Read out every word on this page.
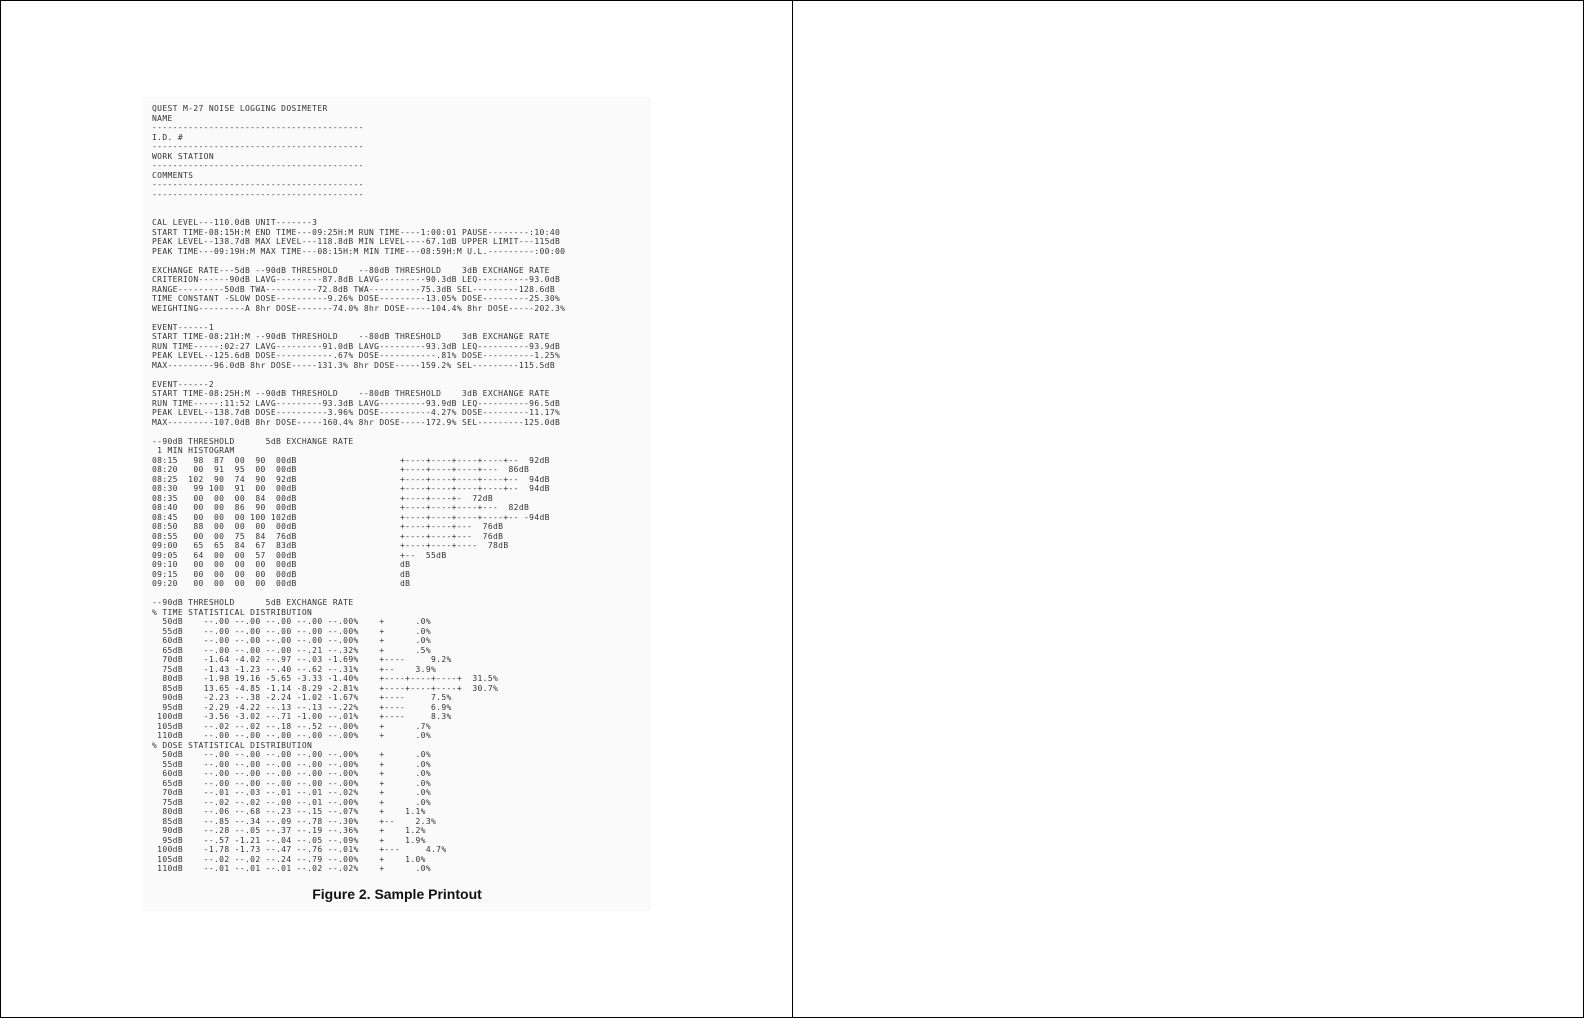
QUEST M-27 NOISE LOGGING DOSIMETER
NAME
-----------------------------------------
I.D. #
-----------------------------------------
WORK STATION
-----------------------------------------
COMMENTS
-----------------------------------------
-----------------------------------------

CAL LEVEL---110.0dB UNIT-------3
START TIME-08:15H:M END TIME---09:25H:M RUN TIME----1:00:01 PAUSE--------:10:40
PEAK LEVEL--138.7dB MAX LEVEL---118.8dB MIN LEVEL----67.1dB UPPER LIMIT---115dB
PEAK TIME---09:19H:M MAX TIME---08:15H:M MIN TIME---08:59H:M U.L.---------:00:00

EXCHANGE RATE---5dB --90dB THRESHOLD    --80dB THRESHOLD    3dB EXCHANGE RATE
CRITERION------90dB LAVG---------87.8dB LAVG---------90.3dB LEQ----------93.0dB
RANGE---------50dB TWA----------72.8dB TWA----------75.3dB SEL---------128.6dB
TIME CONSTANT -SLOW DOSE----------9.26% DOSE---------13.05% DOSE---------25.30%
WEIGHTING---------A 8hr DOSE-------74.0% 8hr DOSE-----104.4% 8hr DOSE-----202.3%

EVENT------1
START TIME-08:21H:M --90dB THRESHOLD    --80dB THRESHOLD    3dB EXCHANGE RATE
RUN TIME-----:02:27 LAVG---------91.0dB LAVG---------93.3dB LEQ----------93.9dB
PEAK LEVEL--125.6dB DOSE-----------.67% DOSE-----------.81% DOSE----------1.25%
MAX---------96.0dB 8hr DOSE-----131.3% 8hr DOSE-----159.2% SEL---------115.5dB

EVENT------2
START TIME-08:25H:M --90dB THRESHOLD    --80dB THRESHOLD    3dB EXCHANGE RATE
RUN TIME-----:11:52 LAVG---------93.3dB LAVG---------93.9dB LEQ----------96.5dB
PEAK LEVEL--138.7dB DOSE----------3.96% DOSE----------4.27% DOSE---------11.17%
MAX---------107.0dB 8hr DOSE-----160.4% 8hr DOSE-----172.9% SEL---------125.0dB

--90dB THRESHOLD      5dB EXCHANGE RATE
1 MIN HISTOGRAM
08:15   98  87  00  90  00dB                    +----+----+----+----+--  92dB
08:20   00  91  95  00  00dB                    +----+----+----+---  86dB
08:25  102  90  74  90  92dB                    +----+----+----+----+--  94dB
08:30   99 100  91  00  00dB                    +----+----+----+----+--  94dB
08:35   00  00  00  84  00dB                    +----+----+-  72dB
08:40   00  00  86  90  00dB                    +----+----+----+---  82dB
08:45   00  00  00 100 102dB                    +----+----+----+----+-- -94dB
08:50   88  00  00  00  00dB                    +----+----+---  76dB
08:55   00  00  75  84  76dB                    +----+----+---  76dB
09:00   65  65  84  67  83dB                    +----+----+----  78dB
09:05   64  00  00  57  00dB                    +--  55dB
09:10   00  00  00  00  00dB                    dB
09:15   00  00  00  00  00dB                    dB
09:20   00  00  00  00  00dB                    dB

--90dB THRESHOLD      5dB EXCHANGE RATE
% TIME STATISTICAL DISTRIBUTION
50dB    --.00 --.00 --.00 --.00 --.00%    +      .0%
55dB    --.00 --.00 --.00 --.00 --.00%    +      .0%
60dB    --.00 --.00 --.00 --.00 --.00%    +      .0%
65dB    --.00 --.00 --.00 --.21 --.32%    +      .5%
70dB    -1.64 -4.02 --.97 --.03 -1.69%    +----     9.2%
75dB    -1.43 -1.23 --.40 --.62 --.31%    +--    3.9%
80dB    -1.98 19.16 -5.65 -3.33 -1.40%    +----+----+----+  31.5%
85dB    13.65 -4.85 -1.14 -8.29 -2.81%    +----+----+----+  30.7%
90dB    -2.23 --.38 -2.24 -1.02 -1.67%    +----     7.5%
95dB    -2.29 -4.22 --.13 --.13 --.22%    +----     6.9%
100dB    -3.56 -3.02 --.71 -1.00 --.01%    +----     8.3%
105dB    --.02 --.02 --.18 --.52 --.00%    +      .7%
110dB    --.00 --.00 --.00 --.00 --.00%    +      .0%
% DOSE STATISTICAL DISTRIBUTION
50dB    --.00 --.00 --.00 --.00 --.00%    +      .0%
55dB    --.00 --.00 --.00 --.00 --.00%    +      .0%
60dB    --.00 --.00 --.00 --.00 --.00%    +      .0%
65dB    --.00 --.00 --.00 --.00 --.00%    +      .0%
70dB    --.01 --.03 --.01 --.01 --.02%    +      .0%
75dB    --.02 --.02 --.00 --.01 --.00%    +      .0%
80dB    --.06 --.68 --.23 --.15 --.07%    +    1.1%
85dB    --.85 --.34 --.09 --.78 --.30%    +--    2.3%
90dB    --.28 --.05 --.37 --.19 --.36%    +    1.2%
95dB    --.57 -1.21 --.04 --.05 --.09%    +    1.9%
100dB    -1.78 -1.73 --.47 --.76 --.01%    +---     4.7%
105dB    --.02 --.02 --.24 --.79 --.00%    +    1.0%
110dB    --.01 --.01 --.01 --.02 --.02%    +      .0%
Figure 2. Sample Printout
